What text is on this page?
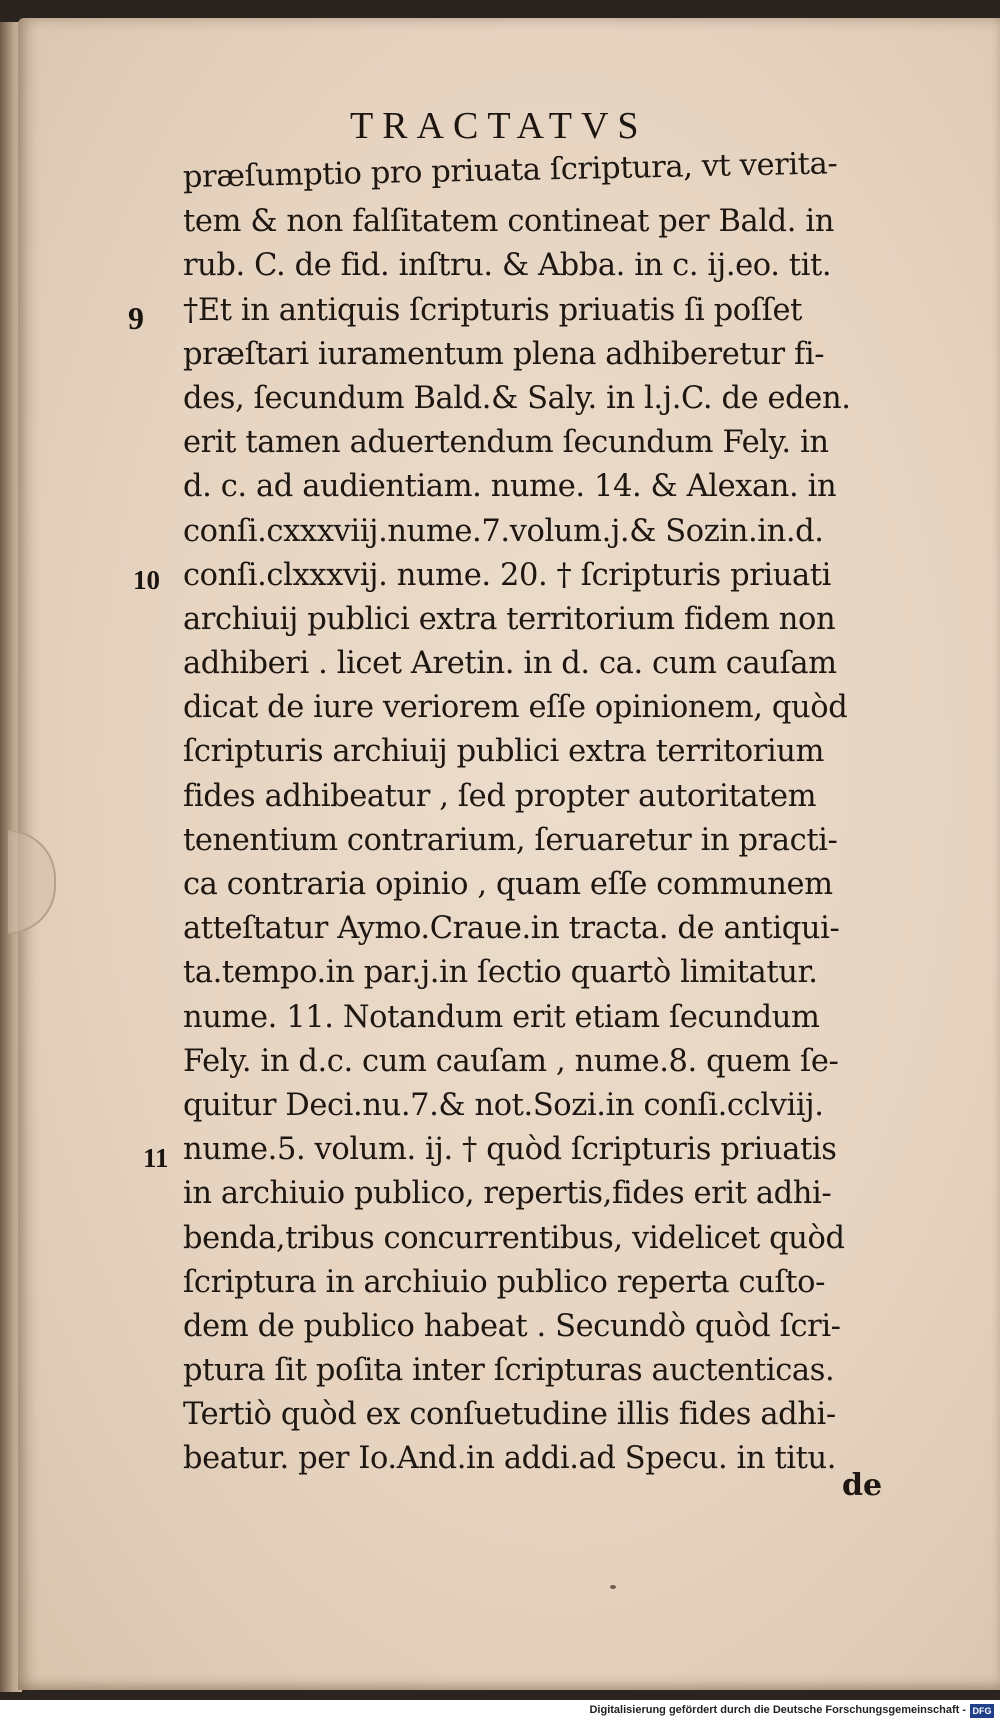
TRACTATVS
9
10
11
præſumptio pro priuata ſcriptura, vt verita-
tem & non falſitatem contineat per Bald. in
rub. C. de fid. inſtru. & Abba. in c. ij.eo. tit.
†Et in antiquis ſcripturis priuatis ſi poſſet
præſtari iuramentum plena adhiberetur fi-
des, ſecundum Bald.& Saly. in l.j.C. de eden.
erit tamen aduertendum ſecundum Fely. in
d. c. ad audientiam. nume. 14. & Alexan. in
conſi.cxxxviij.nume.7.volum.j.& Sozin.in.d.
conſi.clxxxvij. nume. 20. † ſcripturis priuati
archiuij publici extra territorium fidem non
adhiberi . licet Aretin. in d. ca. cum cauſam
dicat de iure veriorem eſſe opinionem, quòd
ſcripturis archiuij publici extra territorium
fides adhibeatur , ſed propter autoritatem
tenentium contrarium, ſeruaretur in practi-
ca contraria opinio , quam eſſe communem
atteſtatur Aymo.Craue.in tracta. de antiqui-
ta.tempo.in par.j.in ſectio quartò limitatur.
nume. 11. Notandum erit etiam ſecundum
Fely. in d.c. cum cauſam , nume.8. quem ſe-
quitur Deci.nu.7.& not.Sozi.in conſi.cclviij.
nume.5. volum. ij. † quòd ſcripturis priuatis
in archiuio publico, repertis,fides erit adhi-
benda,tribus concurrentibus, videlicet quòd
ſcriptura in archiuio publico reperta cuſto-
dem de publico habeat . Secundò quòd ſcri-
ptura ſit poſita inter ſcripturas auctenticas.
Tertiò quòd ex conſuetudine illis fides adhi-
beatur. per Io.And.in addi.ad Specu. in titu.
de
Digitalisierung gefördert durch die Deutsche Forschungsgemeinschaft - DFG
